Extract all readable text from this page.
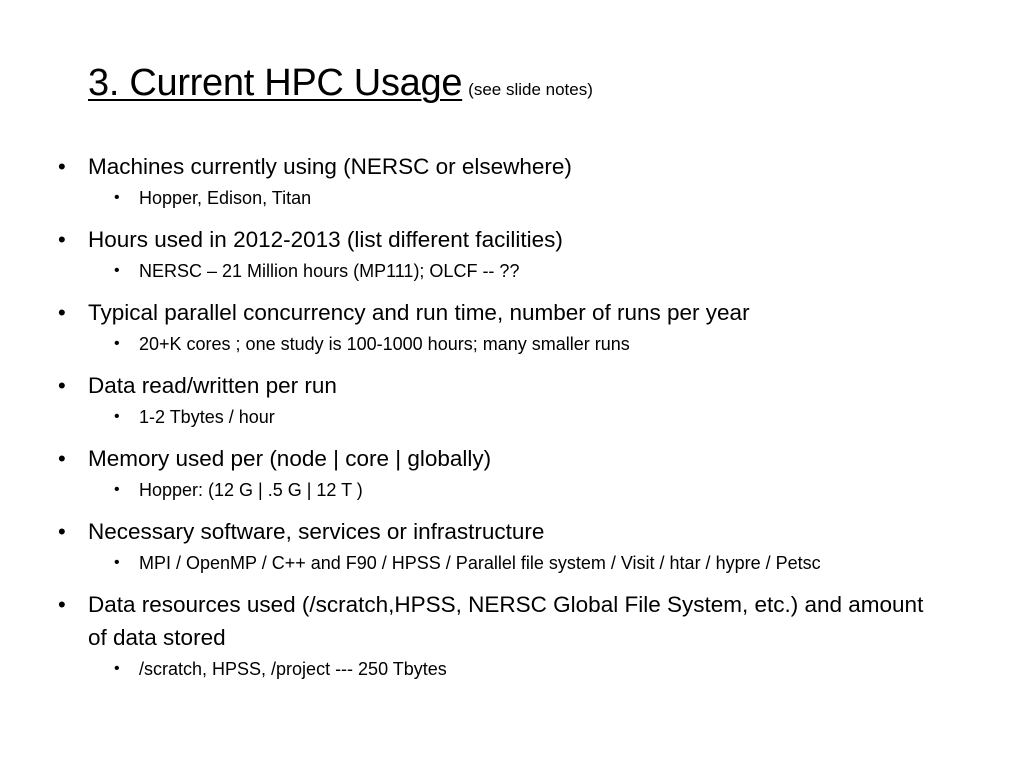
3. Current HPC Usage (see slide notes)
• Machines currently using (NERSC or elsewhere)
• Hopper, Edison, Titan
• Hours used in 2012-2013 (list different facilities)
• NERSC – 21 Million hours (MP111); OLCF -- ??
• Typical parallel concurrency and run time, number of runs per year
• 20+K cores ; one study is 100-1000 hours; many smaller runs
• Data read/written per run
• 1-2 Tbytes / hour
• Memory used per (node | core | globally)
• Hopper: (12 G | .5 G | 12 T )
• Necessary software, services or infrastructure
• MPI / OpenMP / C++ and F90 / HPSS / Parallel file system / Visit / htar / hypre / Petsc
• Data resources used (/scratch,HPSS, NERSC Global File System, etc.) and amount of data stored
• /scratch, HPSS, /project --- 250 Tbytes
